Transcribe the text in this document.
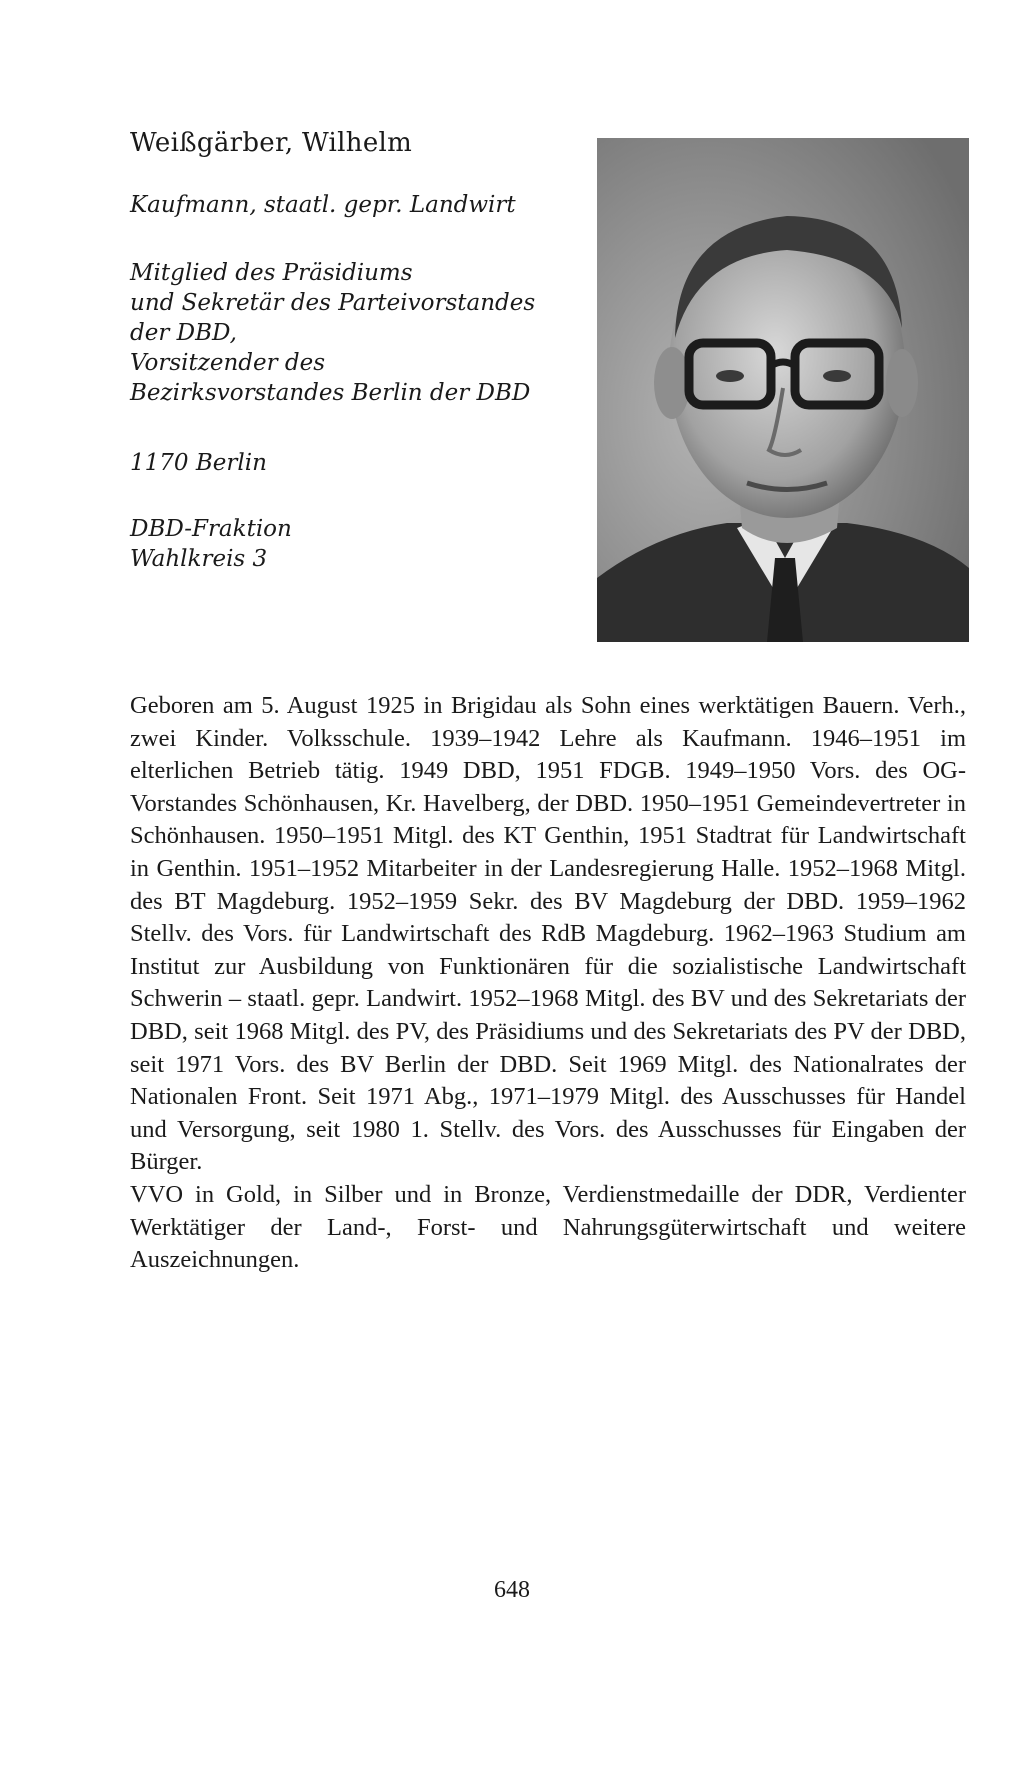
Weißgärber, Wilhelm
Kaufmann, staatl. gepr. Landwirt
Mitglied des Präsidiums
und Sekretär des Parteivorstandes
der DBD,
Vorsitzender des
Bezirksvorstandes Berlin der DBD
1170 Berlin
DBD-Fraktion
Wahlkreis 3

Geboren am 5. August 1925 in Brigidau als Sohn eines werktätigen Bauern. Verh., zwei Kinder. Volksschule. 1939–1942 Lehre als Kaufmann. 1946–1951 im elterlichen Betrieb tätig. 1949 DBD, 1951 FDGB. 1949–1950 Vors. des OG-Vorstandes Schönhausen, Kr. Havelberg, der DBD. 1950–1951 Gemeindevertreter in Schönhausen. 1950–1951 Mitgl. des KT Genthin, 1951 Stadtrat für Landwirtschaft in Genthin. 1951–1952 Mitarbeiter in der Landesregierung Halle. 1952–1968 Mitgl. des BT Magdeburg. 1952–1959 Sekr. des BV Magdeburg der DBD. 1959–1962 Stellv. des Vors. für Landwirtschaft des RdB Magdeburg. 1962–1963 Studium am Institut zur Ausbildung von Funktionären für die sozialistische Landwirtschaft Schwerin – staatl. gepr. Landwirt. 1952–1968 Mitgl. des BV und des Sekretariats der DBD, seit 1968 Mitgl. des PV, des Präsidiums und des Sekretariats des PV der DBD, seit 1971 Vors. des BV Berlin der DBD. Seit 1969 Mitgl. des Nationalrates der Nationalen Front. Seit 1971 Abg., 1971–1979 Mitgl. des Ausschusses für Handel und Versorgung, seit 1980 1. Stellv. des Vors. des Ausschusses für Eingaben der Bürger.

VVO in Gold, in Silber und in Bronze, Verdienstmedaille der DDR, Verdienter Werktätiger der Land-, Forst- und Nahrungsgüterwirtschaft und weitere Auszeichnungen.

648
